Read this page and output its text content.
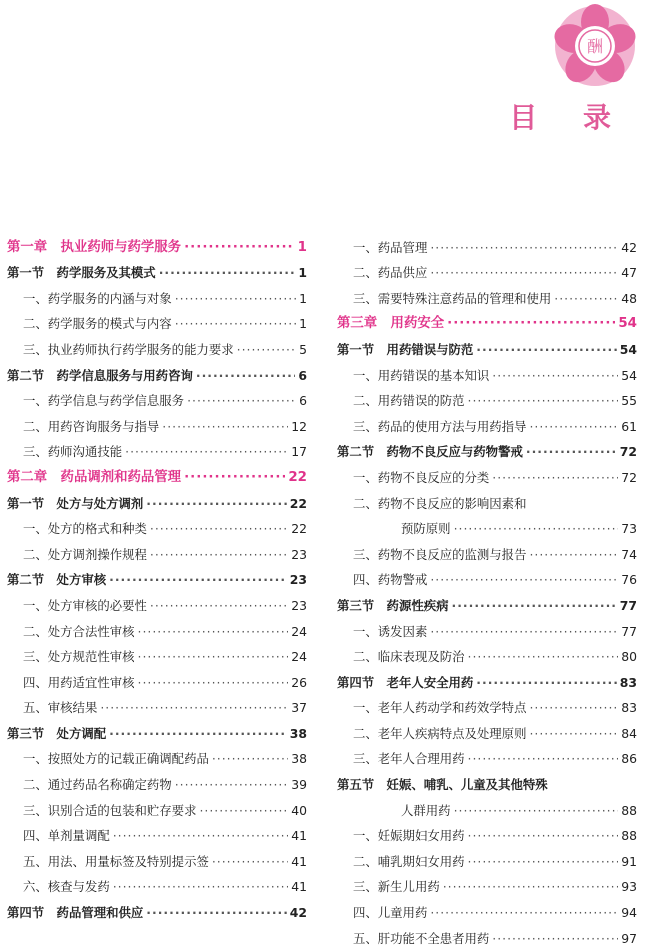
酬
目 录
第一章　执业药师与药学服务 ·····	1
第一节　药学服务及其模式 ·····	1
一、药学服务的内涵与对象 ·····	1
二、药学服务的模式与内容 ·····	1
三、执业药师执行药学服务的能力要求 ·····	5
第二节　药学信息服务与用药咨询 ·····	6
一、药学信息与药学信息服务 ·····	6
二、用药咨询服务与指导 ·····	12
三、药师沟通技能 ·····	17
第二章　药品调剂和药品管理 ·····	22
第一节　处方与处方调剂 ·····	22
一、处方的格式和种类 ·····	22
二、处方调剂操作规程 ·····	23
第二节　处方审核 ·····	23
一、处方审核的必要性 ·····	23
二、处方合法性审核 ·····	24
三、处方规范性审核 ·····	24
四、用药适宜性审核 ·····	26
五、审核结果 ·····	37
第三节　处方调配 ·····	38
一、按照处方的记载正确调配药品 ·····	38
二、通过药品名称确定药物 ·····	39
三、识别合适的包装和贮存要求 ·····	40
四、单剂量调配 ·····	41
五、用法、用量标签及特别提示签 ·····	41
六、核查与发药 ·····	41
第四节　药品管理和供应 ·····	42
一、药品管理 ·····	42
二、药品供应 ·····	47
三、需要特殊注意药品的管理和使用 ·····	48
第三章　用药安全 ·····	54
第一节　用药错误与防范 ·····	54
一、用药错误的基本知识 ·····	54
二、用药错误的防范 ·····	55
三、药品的使用方法与用药指导 ·····	61
第二节　药物不良反应与药物警戒 ·····	72
一、药物不良反应的分类 ·····	72
二、药物不良反应的影响因素和
预防原则 ·····	73
三、药物不良反应的监测与报告 ·····	74
四、药物警戒 ·····	76
第三节　药源性疾病 ·····	77
一、诱发因素 ·····	77
二、临床表现及防治 ·····	80
第四节　老年人安全用药 ·····	83
一、老年人药动学和药效学特点 ·····	83
二、老年人疾病特点及处理原则 ·····	84
三、老年人合理用药 ·····	86
第五节　妊娠、哺乳、儿童及其他特殊
人群用药 ·····	88
一、妊娠期妇女用药 ·····	88
二、哺乳期妇女用药 ·····	91
三、新生儿用药 ·····	93
四、儿童用药 ·····	94
五、肝功能不全患者用药 ·····	97
